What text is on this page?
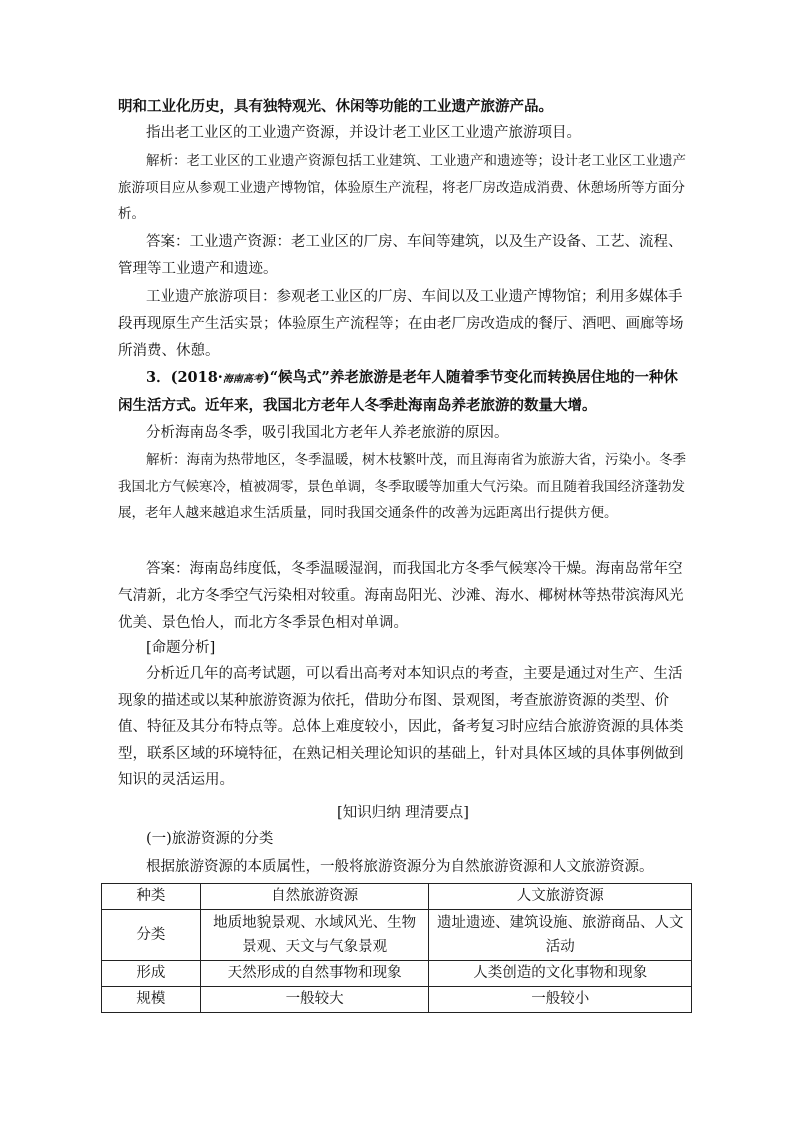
明和工业化历史，具有独特观光、休闲等功能的工业遗产旅游产品。

指出老工业区的工业遗产资源，并设计老工业区工业遗产旅游项目。

解析：老工业区的工业遗产资源包括工业建筑、工业遗产和遗迹等；设计老工业区工业遗产旅游项目应从参观工业遗产博物馆，体验原生产流程，将老厂房改造成消费、休憩场所等方面分析。

答案：工业遗产资源：老工业区的厂房、车间等建筑，以及生产设备、工艺、流程、管理等工业遗产和遗迹。

工业遗产旅游项目：参观老工业区的厂房、车间以及工业遗产博物馆；利用多媒体手段再现原生产生活实景；体验原生产流程等；在由老厂房改造成的餐厅、酒吧、画廊等场所消费、休憩。

3．(2018·海南高考)“候鸟式”养老旅游是老年人随着季节变化而转换居住地的一种休闲生活方式。近年来，我国北方老年人冬季赴海南岛养老旅游的数量大增。

分析海南岛冬季，吸引我国北方老年人养老旅游的原因。

解析：海南为热带地区，冬季温暖，树木枝繁叶茂，而且海南省为旅游大省，污染小。冬季我国北方气候寒冷，植被凋零，景色单调，冬季取暖等加重大气污染。而且随着我国经济蓬勃发展，老年人越来越追求生活质量，同时我国交通条件的改善为远距离出行提供方便。

答案：海南岛纬度低，冬季温暖湿润，而我国北方冬季气候寒冷干燥。海南岛常年空气清新，北方冬季空气污染相对较重。海南岛阳光、沙滩、海水、椰树林等热带滨海风光优美、景色怡人，而北方冬季景色相对单调。

[命题分析]

分析近几年的高考试题，可以看出高考对本知识点的考查，主要是通过对生产、生活现象的描述或以某种旅游资源为依托，借助分布图、景观图，考查旅游资源的类型、价值、特征及其分布特点等。总体上难度较小，因此，备考复习时应结合旅游资源的具体类型，联系区域的环境特征，在熟记相关理论知识的基础上，针对具体区域的具体事例做到知识的灵活运用。

[知识归纳 理清要点]

(一)旅游资源的分类

根据旅游资源的本质属性，一般将旅游资源分为自然旅游资源和人文旅游资源。

种类	自然旅游资源	人文旅游资源
分类	地质地貌景观、水域风光、生物景观、天文与气象景观	遗址遗迹、建筑设施、旅游商品、人文活动
形成	天然形成的自然事物和现象	人类创造的文化事物和现象
规模	一般较大	一般较小
